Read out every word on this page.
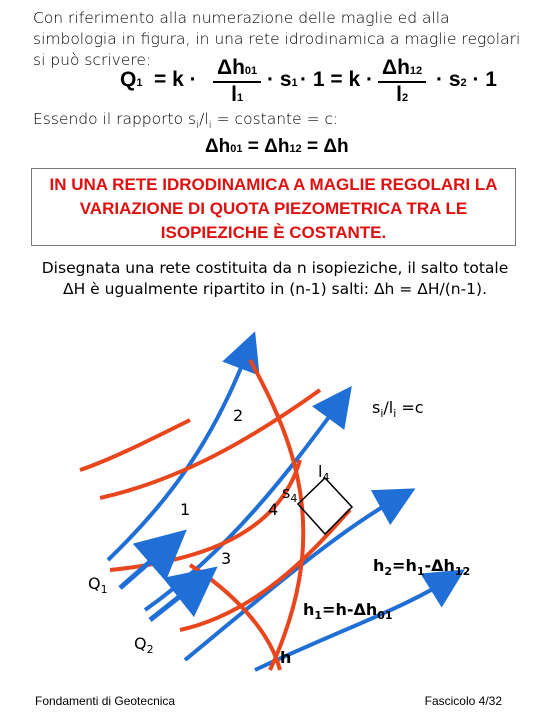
Con riferimento alla numerazione delle maglie ed alla simbologia in figura, in una rete idrodinamica a maglie regolari si può scrivere:
$Q1 = k \cdot \frac{\Delta h01}{l1} \cdot s1 \cdot 1 = k \cdot \frac{\Delta h12}{l2} \cdot s2 \cdot 1$
Essendo il rapporto $s_i/l_i$ = costante = c:
Δh01 = Δh12 = Δh
IN UNA RETE IDRODINAMICA A MAGLIE REGOLARI LA VARIAZIONE DI QUOTA PIEZOMETRICA TRA LE ISOPIEZICHE È COSTANTE.
Disegnata una rete costituita da n isopieziche, il salto totale ΔH è ugualmente ripartito in (n-1) salti: Δh = ΔH/(n-1).
$s_i/l_i =c$
2
$l_4$
$s_4$
1	4
3
$Q_1$
$Q_2$
$h_2=h_1-\Delta h_{12}$
$h_1=h-\Delta h_{01}$
h
Fondamenti di Geotecnica	Fascicolo 4/32
